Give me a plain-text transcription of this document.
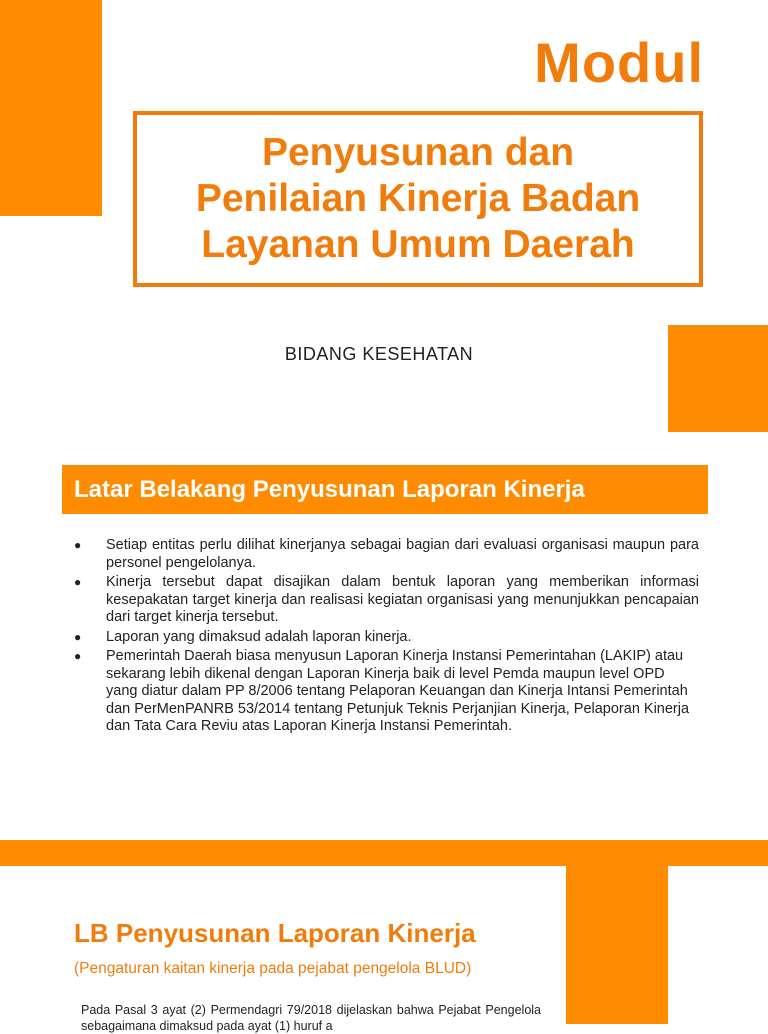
Modul
Penyusunan dan
Penilaian Kinerja Badan
Layanan Umum Daerah
BIDANG KESEHATAN
Latar Belakang Penyusunan Laporan Kinerja
● Setiap entitas perlu dilihat kinerjanya sebagai bagian dari evaluasi organisasi maupun para personel pengelolanya.
● Kinerja tersebut dapat disajikan dalam bentuk laporan yang memberikan informasi kesepakatan target kinerja dan realisasi kegiatan organisasi yang menunjukkan pencapaian dari target kinerja tersebut.
● Laporan yang dimaksud adalah laporan kinerja.
● Pemerintah Daerah biasa menyusun Laporan Kinerja Instansi Pemerintahan (LAKIP) atau sekarang lebih dikenal dengan Laporan Kinerja baik di level Pemda maupun level OPD yang diatur dalam PP 8/2006 tentang Pelaporan Keuangan dan Kinerja Intansi Pemerintah dan PerMenPANRB 53/2014 tentang Petunjuk Teknis Perjanjian Kinerja, Pelaporan Kinerja dan Tata Cara Reviu atas Laporan Kinerja Instansi Pemerintah.
LB Penyusunan Laporan Kinerja
(Pengaturan kaitan kinerja pada pejabat pengelola BLUD)
Pada Pasal 3 ayat (2) Permendagri 79/2018 dijelaskan bahwa Pejabat Pengelola sebagaimana dimaksud pada ayat (1) huruf a
